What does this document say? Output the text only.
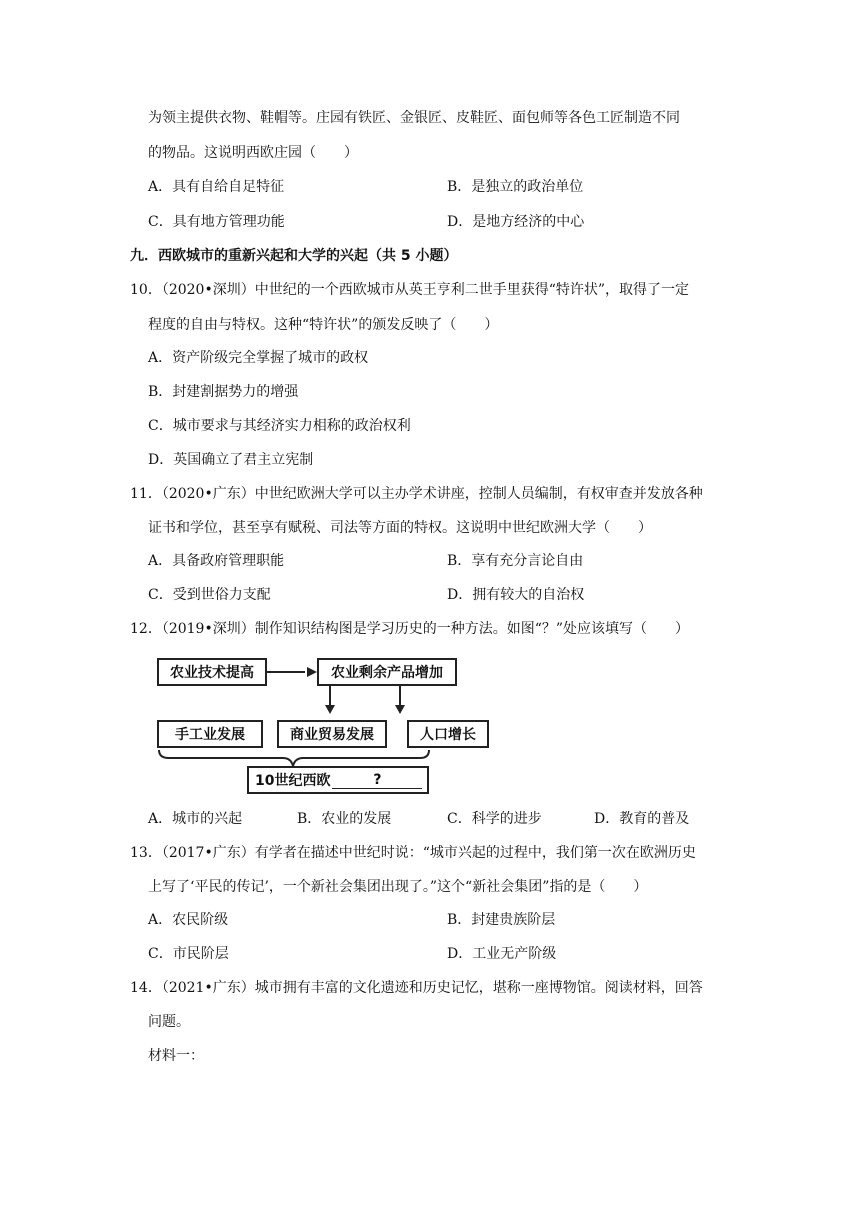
为领主提供衣物、鞋帽等。庄园有铁匠、金银匠、皮鞋匠、面包师等各色工匠制造不同
的物品。这说明西欧庄园（　　）
A．具有自给自足特征	B．是独立的政治单位
C．具有地方管理功能	D．是地方经济的中心
九．西欧城市的重新兴起和大学的兴起（共 5 小题）
10．（2020•深圳）中世纪的一个西欧城市从英王亨利二世手里获得“特许状”，取得了一定
程度的自由与特权。这种“特许状”的颁发反映了（　　）
A．资产阶级完全掌握了城市的政权
B．封建割据势力的增强
C．城市要求与其经济实力相称的政治权利
D．英国确立了君主立宪制
11．（2020•广东）中世纪欧洲大学可以主办学术讲座，控制人员编制，有权审查并发放各种
证书和学位，甚至享有赋税、司法等方面的特权。这说明中世纪欧洲大学（　　）
A．具备政府管理职能	B．享有充分言论自由
C．受到世俗力支配	D．拥有较大的自治权
12．（2019•深圳）制作知识结构图是学习历史的一种方法。如图“？”处应该填写（　　）
农业技术提高	农业剩余产品增加
手工业发展	商业贸易发展	人口增长
10世纪西欧	?
A．城市的兴起	B．农业的发展	C．科学的进步	D．教育的普及
13．（2017•广东）有学者在描述中世纪时说：“城市兴起的过程中，我们第一次在欧洲历史
上写了‘平民的传记’，一个新社会集团出现了。”这个“新社会集团”指的是（　　）
A．农民阶级	B．封建贵族阶层
C．市民阶层	D．工业无产阶级
14．（2021•广东）城市拥有丰富的文化遗迹和历史记忆，堪称一座博物馆。阅读材料，回答
问题。
材料一：
